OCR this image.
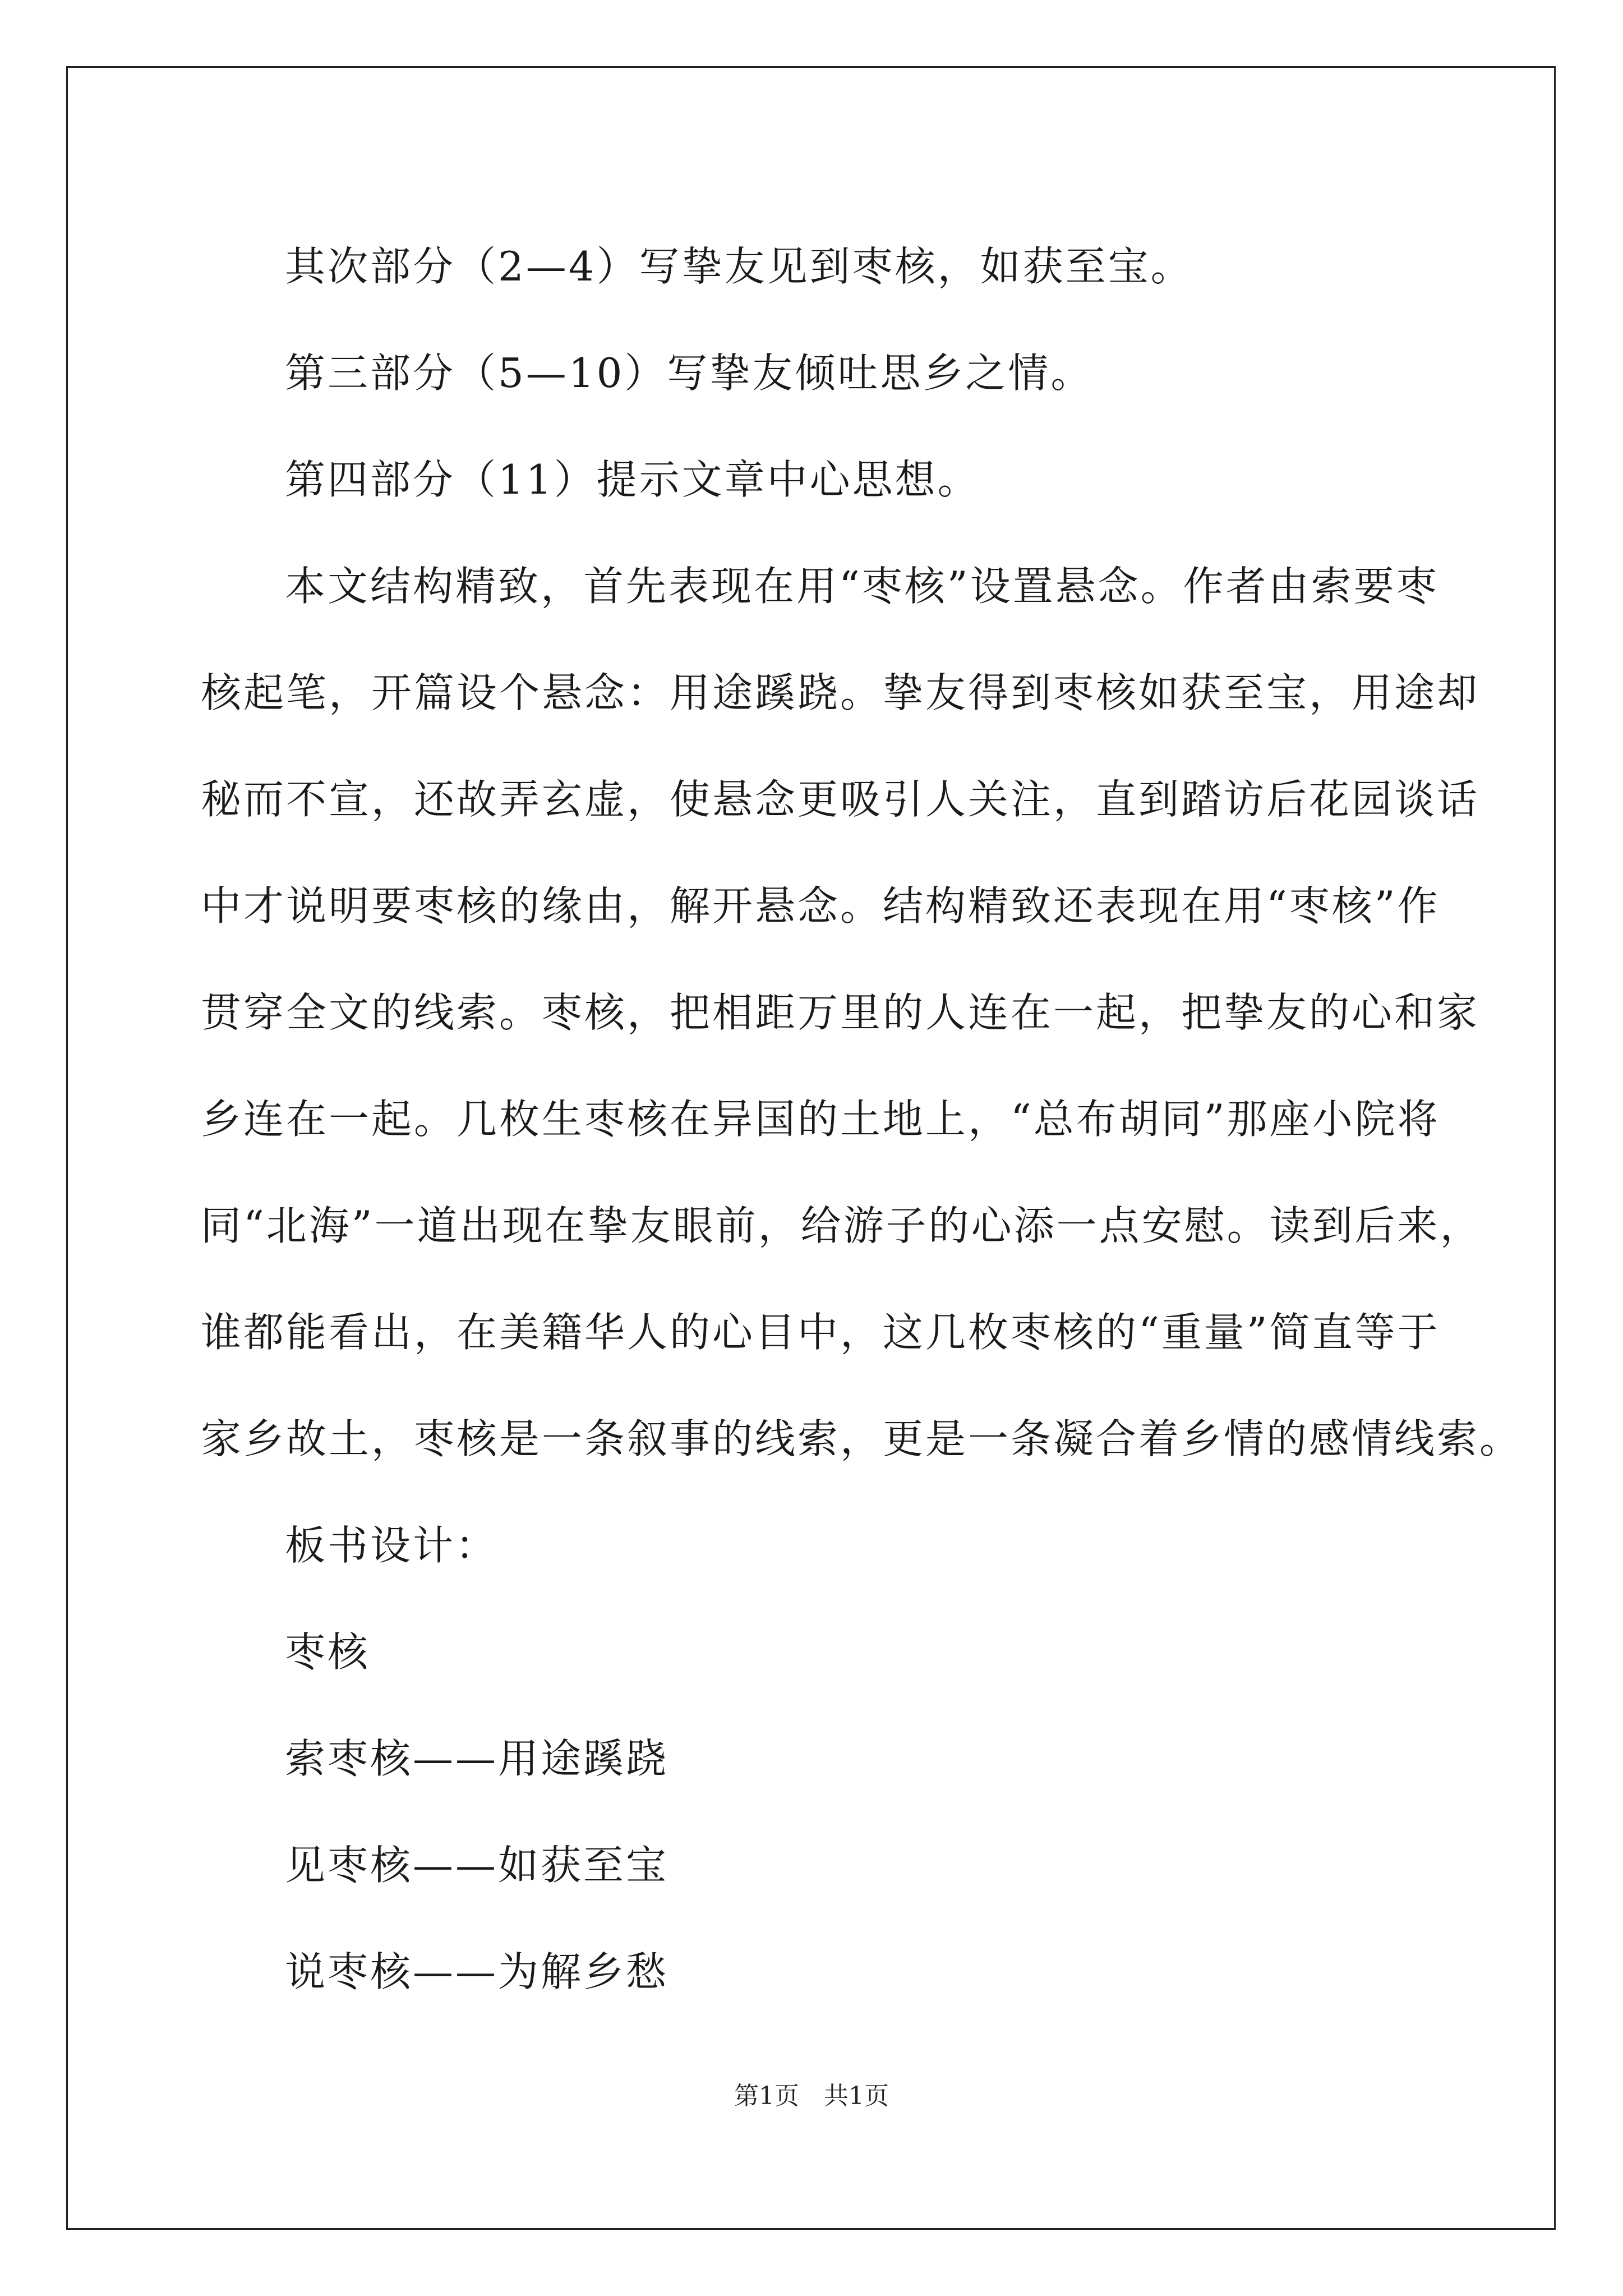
其次部分（2—4）写挚友见到枣核，如获至宝。

第三部分（5—10）写挚友倾吐思乡之情。

第四部分（11）提示文章中心思想。

本文结构精致，首先表现在用“枣核”设置悬念。作者由索要枣

核起笔，开篇设个悬念：用途蹊跷。挚友得到枣核如获至宝，用途却

秘而不宣，还故弄玄虚，使悬念更吸引人关注，直到踏访后花园谈话

中才说明要枣核的缘由，解开悬念。结构精致还表现在用“枣核”作

贯穿全文的线索。枣核，把相距万里的人连在一起，把挚友的心和家

乡连在一起。几枚生枣核在异国的土地上，“总布胡同”那座小院将

同“北海”一道出现在挚友眼前，给游子的心添一点安慰。读到后来，

谁都能看出，在美籍华人的心目中，这几枚枣核的“重量”简直等于

家乡故土，枣核是一条叙事的线索，更是一条凝合着乡情的感情线索。

板书设计：

枣核

索枣核——用途蹊跷

见枣核——如获至宝

说枣核——为解乡愁

第1页　共1页
